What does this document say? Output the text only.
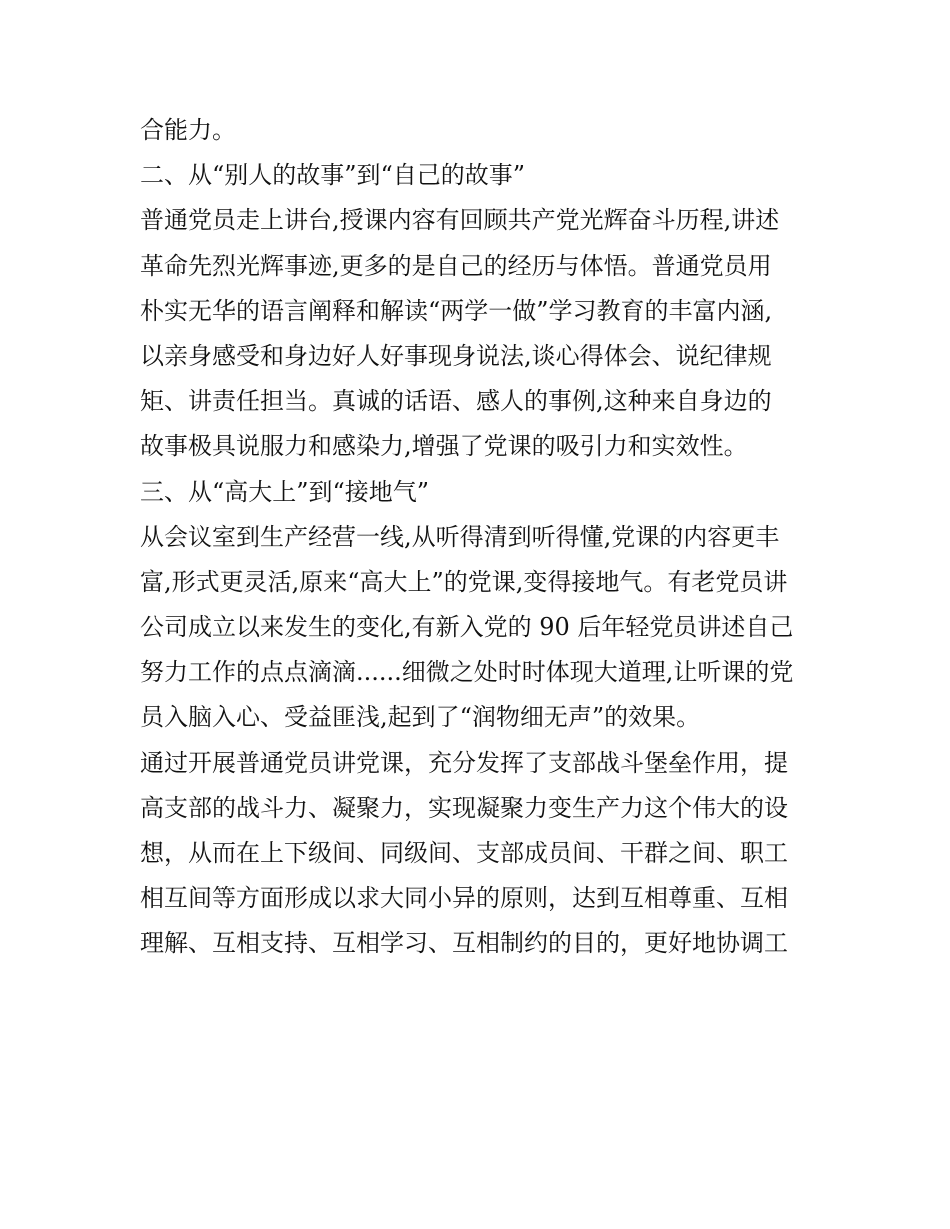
合能力。
二、从“别人的故事”到“自己的故事”
普通党员走上讲台,授课内容有回顾共产党光辉奋斗历程,讲述
革命先烈光辉事迹,更多的是自己的经历与体悟。普通党员用
朴实无华的语言阐释和解读“两学一做”学习教育的丰富内涵,
以亲身感受和身边好人好事现身说法,谈心得体会、说纪律规
矩、讲责任担当。真诚的话语、感人的事例,这种来自身边的
故事极具说服力和感染力,增强了党课的吸引力和实效性。
三、从“高大上”到“接地气”
从会议室到生产经营一线,从听得清到听得懂,党课的内容更丰
富,形式更灵活,原来“高大上”的党课,变得接地气。有老党员讲
公司成立以来发生的变化,有新入党的 90 后年轻党员讲述自己
努力工作的点点滴滴......细微之处时时体现大道理,让听课的党
员入脑入心、受益匪浅,起到了“润物细无声”的效果。
通过开展普通党员讲党课，充分发挥了支部战斗堡垒作用，提
高支部的战斗力、凝聚力，实现凝聚力变生产力这个伟大的设
想，从而在上下级间、同级间、支部成员间、干群之间、职工
相互间等方面形成以求大同小异的原则，达到互相尊重、互相
理解、互相支持、互相学习、互相制约的目的，更好地协调工
